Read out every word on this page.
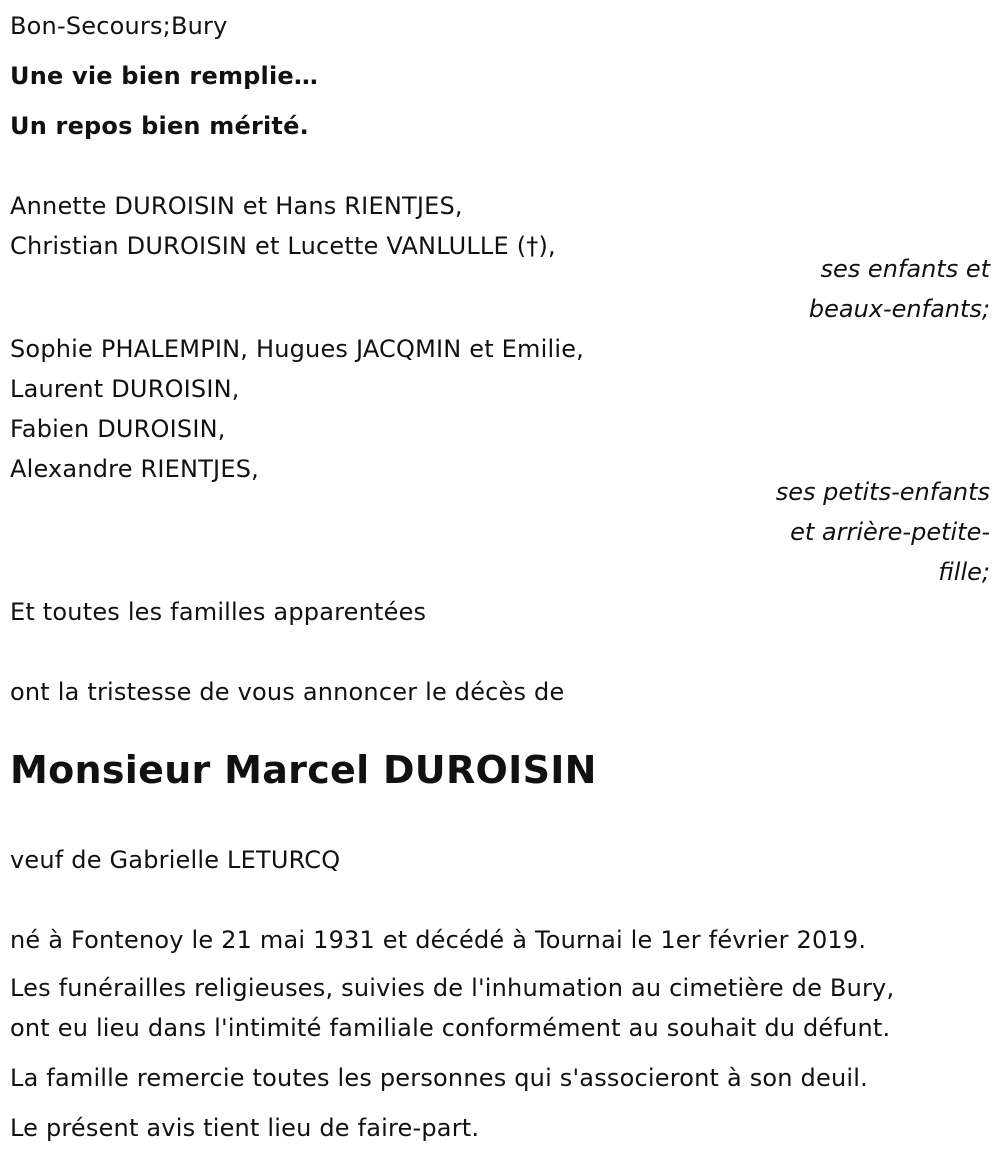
Bon-Secours;Bury
Une vie bien remplie…
Un repos bien mérité.
Annette DUROISIN et Hans RIENTJES,
Christian DUROISIN et Lucette VANLULLE (†),
ses enfants et
beaux-enfants;
Sophie PHALEMPIN, Hugues JACQMIN et Emilie,
Laurent DUROISIN,
Fabien DUROISIN,
Alexandre RIENTJES,
ses petits-enfants
et arrière-petite-
fille;
Et toutes les familles apparentées
ont la tristesse de vous annoncer le décès de
Monsieur Marcel DUROISIN
veuf de Gabrielle LETURCQ
né à Fontenoy le 21 mai 1931 et décédé à Tournai le 1er février 2019.
Les funérailles religieuses, suivies de l'inhumation au cimetière de Bury,
ont eu lieu dans l'intimité familiale conformément au souhait du défunt.
La famille remercie toutes les personnes qui s'associeront à son deuil.
Le présent avis tient lieu de faire-part.
